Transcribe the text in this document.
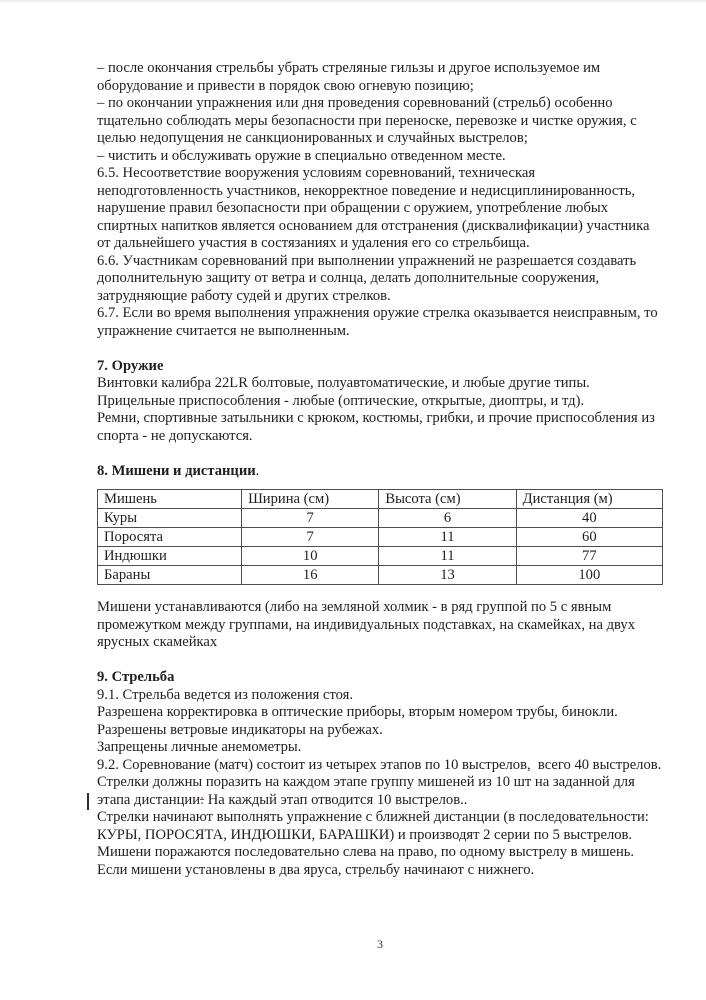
– после окончания стрельбы убрать стреляные гильзы и другое используемое им оборудование и привести в порядок свою огневую позицию;

– по окончании упражнения или дня проведения соревнований (стрельб) особенно тщательно соблюдать меры безопасности при переноске, перевозке и чистке оружия, с целью недопущения не санкционированных и случайных выстрелов;

– чистить и обслуживать оружие в специально отведенном месте.

6.5. Несоответствие вооружения условиям соревнований, техническая неподготовленность участников, некорректное поведение и недисциплинированность, нарушение правил безопасности при обращении с оружием, употребление любых спиртных напитков является основанием для отстранения (дисквалификации) участника от дальнейшего участия в состязаниях и удаления его со стрельбища.

6.6. Участникам соревнований при выполнении упражнений не разрешается создавать дополнительную защиту от ветра и солнца, делать дополнительные сооружения, затрудняющие работу судей и других стрелков.

6.7. Если во время выполнения упражнения оружие стрелка оказывается неисправным, то упражнение считается не выполненным.

7. Оружие

Винтовки калибра 22LR болтовые, полуавтоматические, и любые другие типы.

Прицельные приспособления - любые (оптические, открытые, диоптры, и тд).

Ремни, спортивные затыльники с крюком, костюмы, грибки, и прочие приспособления из спорта - не допускаются.

8. Мишени и дистанции.

Мишень	Ширина (см)	Высота (см)	Дистанция (м)
Куры	7	6	40
Поросята	7	11	60
Индюшки	10	11	77
Бараны	16	13	100

Мишени устанавливаются (либо на земляной холмик - в ряд группой по 5 с явным промежутком между группами, на индивидуальных подставках, на скамейках, на двух ярусных скамейках

9. Стрельба

9.1. Стрельба ведется из положения стоя.

Разрешена корректировка в оптические приборы, вторым номером трубы, бинокли.

Разрешены ветровые индикаторы на рубежах.

Запрещены личные анемометры.

9.2. Соревнование (матч) состоит из четырех этапов по 10 выстрелов,  всего 40 выстрелов.

Стрелки должны поразить на каждом этапе группу мишеней из 10 шт на заданной для этапа дистанции: На каждый этап отводится 10 выстрелов..

Стрелки начинают выполнять упражнение с ближней дистанции (в последовательности: КУРЫ, ПОРОСЯТА, ИНДЮШКИ, БАРАШКИ) и производят 2 серии по 5 выстрелов.

Мишени поражаются последовательно слева на право, по одному выстрелу в мишень. Если мишени установлены в два яруса, стрельбу начинают с нижнего.

3
